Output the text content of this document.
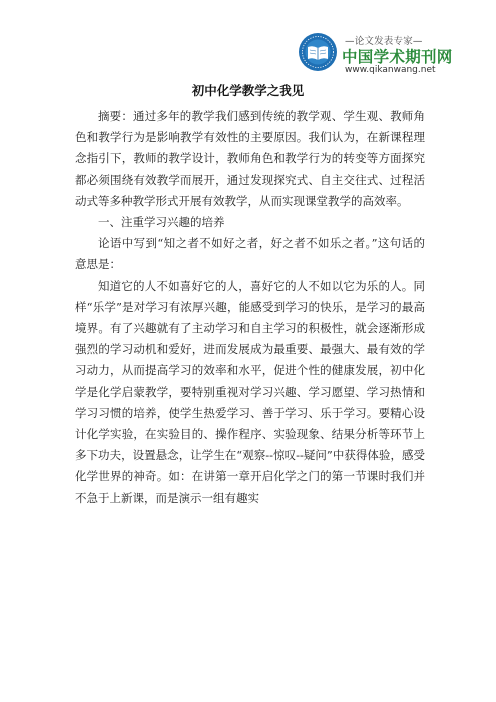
—论文发表专家—
中国学术期刊网
www.qikanwang.net
初中化学教学之我见

摘要：通过多年的教学我们感到传统的教学观、学生观、教师角色和教学行为是影响教学有效性的主要原因。我们认为，在新课程理念指引下，教师的教学设计，教师角色和教学行为的转变等方面探究都必须围绕有效教学而展开，通过发现探究式、自主交往式、过程活动式等多种教学形式开展有效教学，从而实现课堂教学的高效率。

一、注重学习兴趣的培养

论语中写到“知之者不如好之者，好之者不如乐之者。”这句话的意思是：

知道它的人不如喜好它的人，喜好它的人不如以它为乐的人。同样“乐学”是对学习有浓厚兴趣，能感受到学习的快乐，是学习的最高境界。有了兴趣就有了主动学习和自主学习的积极性，就会逐渐形成强烈的学习动机和爱好，进而发展成为最重要、最强大、最有效的学习动力，从而提高学习的效率和水平，促进个性的健康发展，初中化学是化学启蒙教学，要特别重视对学习兴趣、学习愿望、学习热情和学习习惯的培养，使学生热爱学习、善于学习、乐于学习。要精心设计化学实验，在实验目的、操作程序、实验现象、结果分析等环节上多下功夫，设置悬念，让学生在“观察--惊叹--疑问”中获得体验，感受化学世界的神奇。如：在讲第一章开启化学之门的第一节课时我们并不急于上新课，而是演示一组有趣实
